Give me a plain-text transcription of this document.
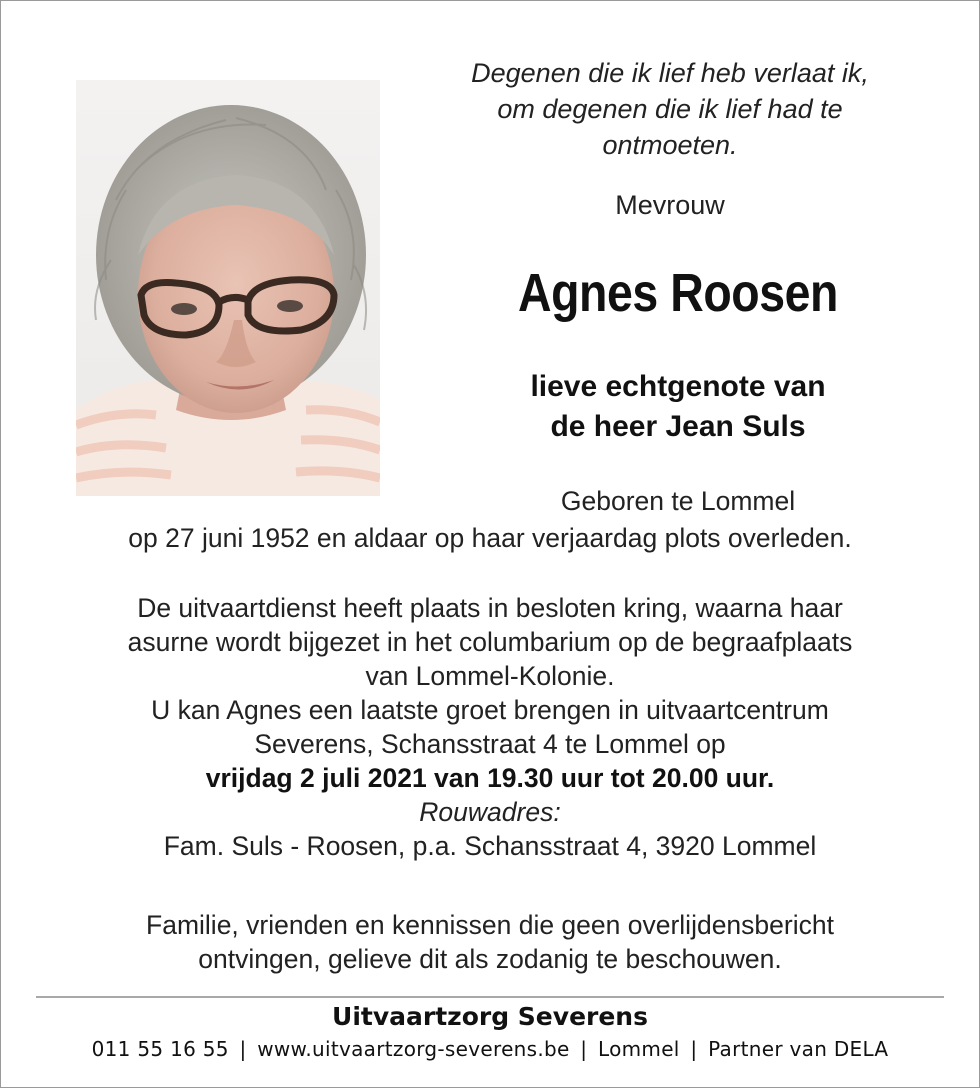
Degenen die ik lief heb verlaat ik,
om degenen die ik lief had te
ontmoeten.
Mevrouw
Agnes Roosen
lieve echtgenote van
de heer Jean Suls
Geboren te Lommel
op 27 juni 1952 en aldaar op haar verjaardag plots overleden.
De uitvaartdienst heeft plaats in besloten kring, waarna haar
asurne wordt bijgezet in het columbarium op de begraafplaats
van Lommel-Kolonie.
U kan Agnes een laatste groet brengen in uitvaartcentrum
Severens, Schansstraat 4 te Lommel op
vrijdag 2 juli 2021 van 19.30 uur tot 20.00 uur.
Rouwadres:
Fam. Suls - Roosen, p.a. Schansstraat 4, 3920 Lommel
Familie, vrienden en kennissen die geen overlijdensbericht
ontvingen, gelieve dit als zodanig te beschouwen.
Uitvaartzorg Severens
011 55 16 55 | www.uitvaartzorg-severens.be | Lommel | Partner van DELA
